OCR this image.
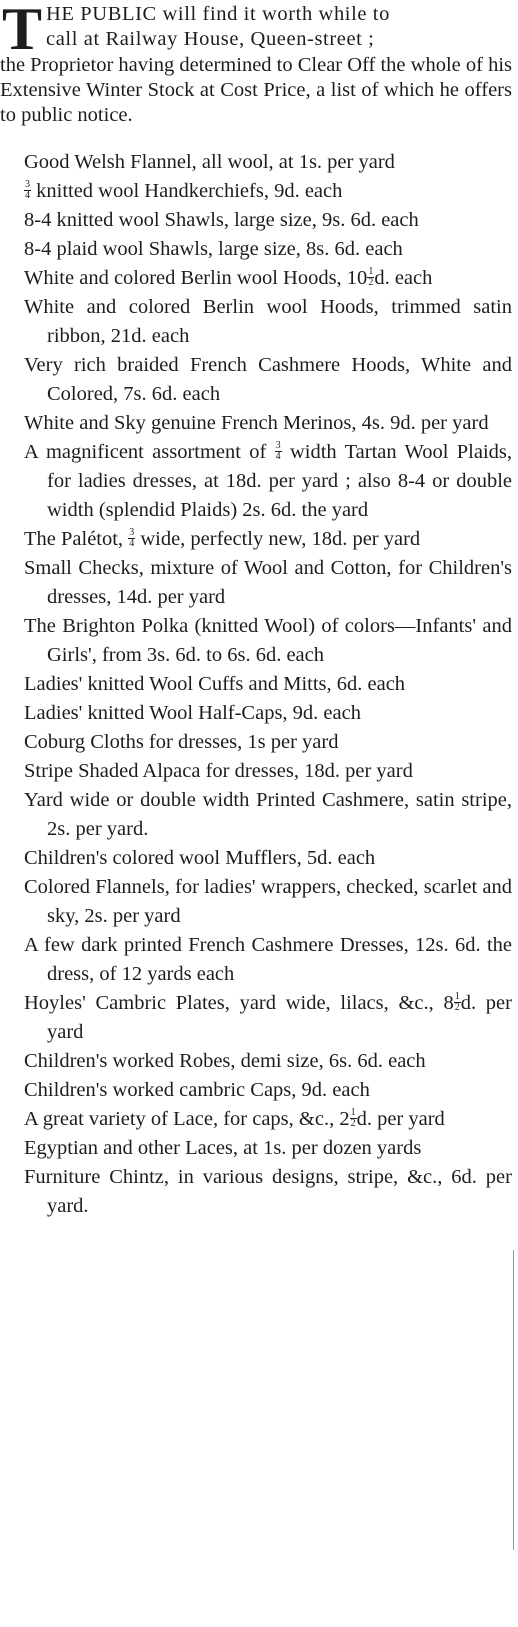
T HE PUBLIC will find it worth while to

call at Railway House, Queen-street ;

the Proprietor having determined to Clear Off the whole of his Extensive Winter Stock at Cost Price, a list of which he offers to public notice.

Good Welsh Flannel, all wool, at 1s. per yard

$\frac{3}{4}$ knitted wool Handkerchiefs, 9d. each

8-4 knitted wool Shawls, large size, 9s. 6d. each

8-4 plaid wool Shawls, large size, 8s. 6d. each

White and colored Berlin wool Hoods, $10 \frac{1}{2} d$. each

White and colored Berlin wool Hoods, trimmed satin ribbon, 21d. each

Very rich braided French Cashmere Hoods, White and Colored, 7s. 6d. each

White and Sky genuine French Merinos, 4s. 9d. per yard

A magnificent assortment of $\frac{3}{4}$ width Tartan Wool Plaids, for ladies dresses, at 18d. per yard ; also 8-4 or double width (splendid Plaids) 2s. 6d. the yard

The Palétot, $\frac{3}{4}$ wide, perfectly new, 18d. per yard

Small Checks, mixture of Wool and Cotton, for Children's dresses, 14d. per yard

The Brighton Polka (knitted Wool) of colors—Infants' and Girls', from 3s. 6d. to 6s. 6d. each

Ladies' knitted Wool Cuffs and Mitts, 6d. each

Ladies' knitted Wool Half-Caps, 9d. each

Coburg Cloths for dresses, 1s per yard

Stripe Shaded Alpaca for dresses, 18d. per yard

Yard wide or double width Printed Cashmere, satin stripe, 2s. per yard.

Children's colored wool Mufflers, 5d. each

Colored Flannels, for ladies' wrappers, checked, scarlet and sky, 2s. per yard

A few dark printed French Cashmere Dresses, 12s. 6d. the dress, of 12 yards each

Hoyles' Cambric Plates, yard wide, lilacs, &c., $8 \frac{1}{2} d$. per yard

Children's worked Robes, demi size, 6s. 6d. each

Children's worked cambric Caps, 9d. each

A great variety of Lace, for caps, &c., $2 \frac{1}{2} d$. per yard

Egyptian and other Laces, at 1s. per dozen yards

Furniture Chintz, in various designs, stripe, &c., 6d. per yard.
